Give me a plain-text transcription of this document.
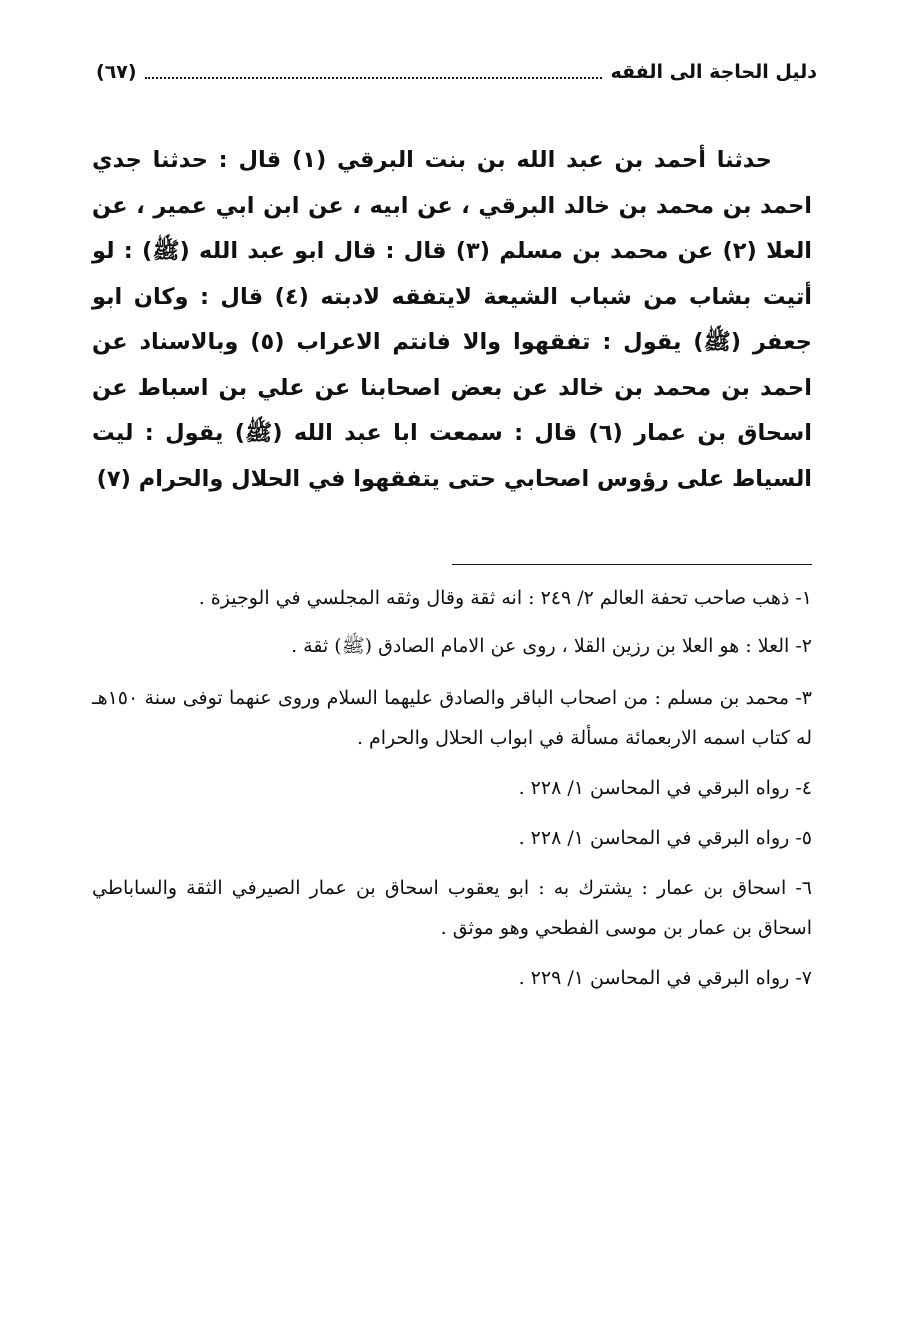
دليل الحاجة الى الفقه
(٦٧)

حدثنا أحمد بن عبد الله بن بنت البرقي (١) قال : حدثنا جدي احمد بن محمد بن خالد البرقي ، عن ابيه ، عن ابن ابي عمير ، عن العلا (٢) عن محمد بن مسلم (٣) قال : قال ابو عبد الله (ﷺ) : لو أتيت بشاب من شباب الشيعة لايتفقه لادبته (٤) قال : وكان ابو جعفر (ﷺ) يقول : تفقهوا والا فانتم الاعراب (٥) وبالاسناد عن احمد بن محمد بن خالد عن بعض اصحابنا عن علي بن اسباط عن اسحاق بن عمار (٦) قال : سمعت ابا عبد الله (ﷺ) يقول : ليت السياط على رؤوس اصحابي حتى يتفقهوا في الحلال والحرام (٧)

١- ذهب صاحب تحفة العالم ٢/ ٢٤٩ : انه ثقة وقال وثقه المجلسي في الوجيزة .

٢- العلا : هو العلا بن رزين القلا ، روى عن الامام الصادق (ﷺ) ثقة .

٣- محمد بن مسلم : من اصحاب الباقر والصادق عليهما السلام وروى عنهما توفى سنة ١٥٠هـ له كتاب اسمه الاربعمائة مسألة في ابواب الحلال والحرام .

٤- رواه البرقي في المحاسن ١/ ٢٢٨ .

٥- رواه البرقي في المحاسن ١/ ٢٢٨ .

٦- اسحاق بن عمار : يشترك به : ابو يعقوب اسحاق بن عمار الصيرفي الثقة والساباطي اسحاق بن عمار بن موسى الفطحي وهو موثق .

٧- رواه البرقي في المحاسن ١/ ٢٢٩ .
